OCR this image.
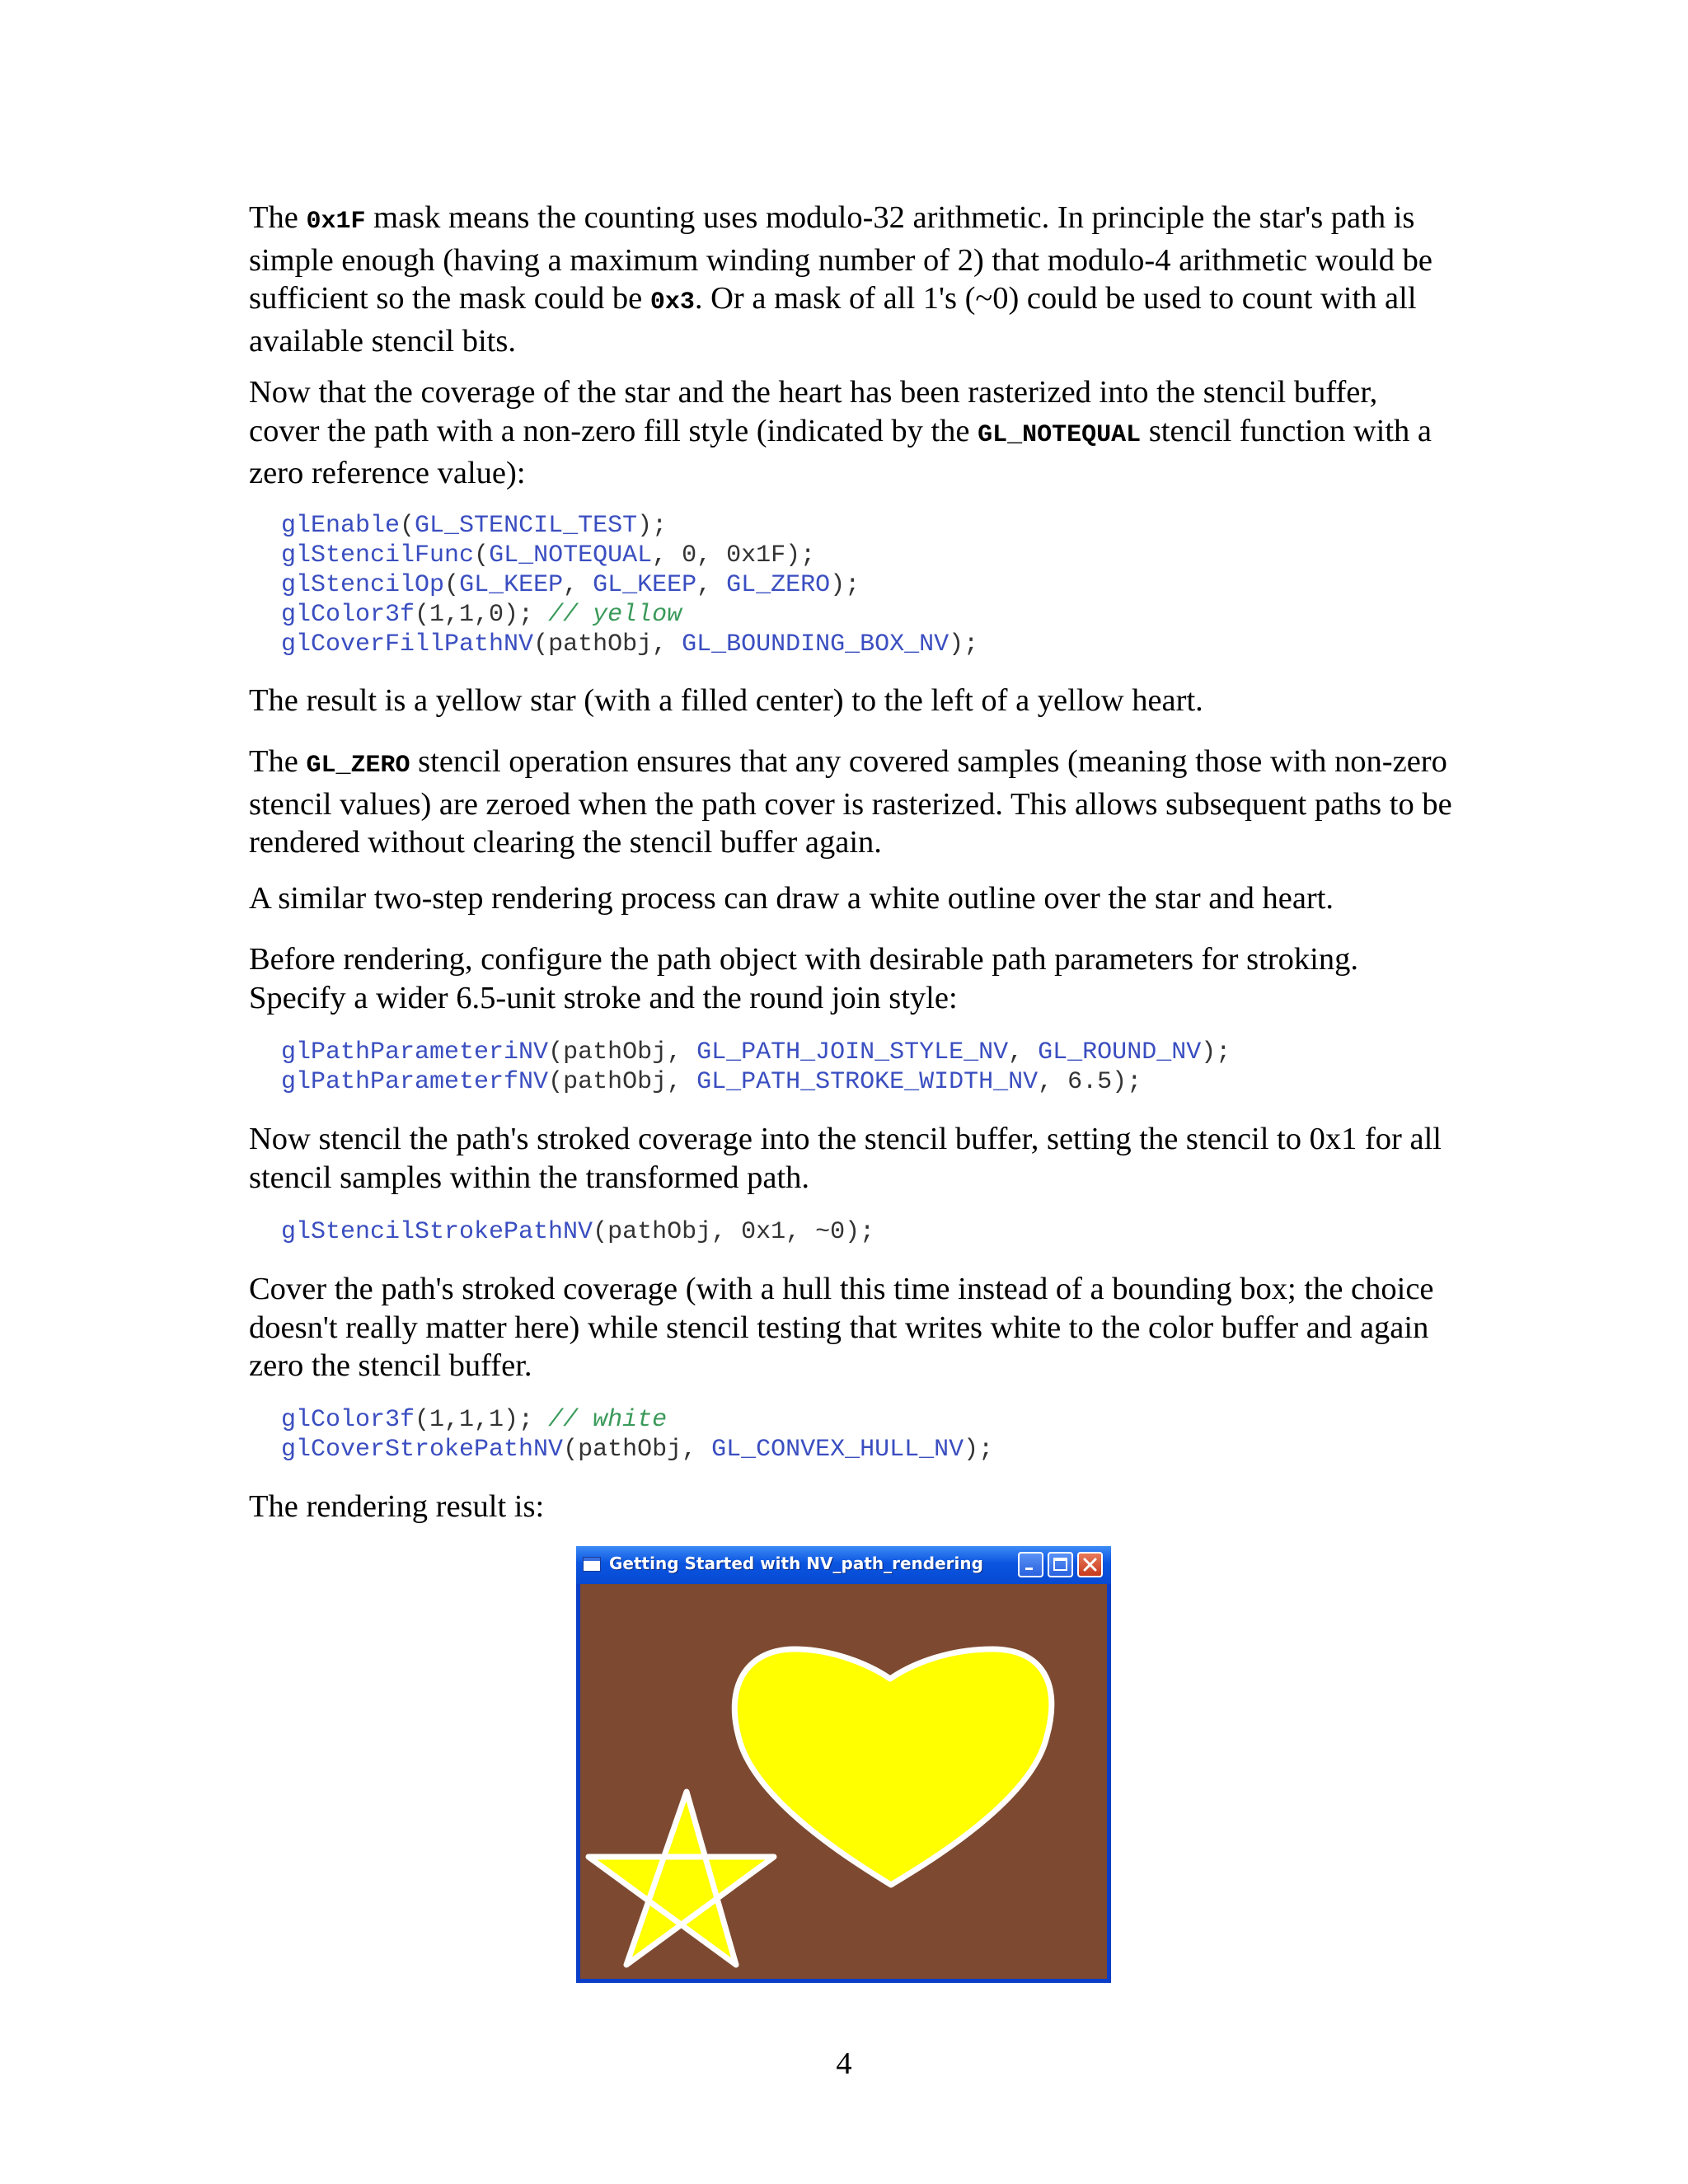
The 0x1F mask means the counting uses modulo-32 arithmetic. In principle the star's path is simple enough (having a maximum winding number of 2) that modulo-4 arithmetic would be sufficient so the mask could be 0x3. Or a mask of all 1's (~0) could be used to count with all available stencil bits.

Now that the coverage of the star and the heart has been rasterized into the stencil buffer, cover the path with a non-zero fill style (indicated by the GL_NOTEQUAL stencil function with a zero reference value):

glEnable(GL_STENCIL_TEST);
glStencilFunc(GL_NOTEQUAL, 0, 0x1F);
glStencilOp(GL_KEEP, GL_KEEP, GL_ZERO);
glColor3f(1,1,0); // yellow
glCoverFillPathNV(pathObj, GL_BOUNDING_BOX_NV);

The result is a yellow star (with a filled center) to the left of a yellow heart.

The GL_ZERO stencil operation ensures that any covered samples (meaning those with non-zero stencil values) are zeroed when the path cover is rasterized. This allows subsequent paths to be rendered without clearing the stencil buffer again.

A similar two-step rendering process can draw a white outline over the star and heart.

Before rendering, configure the path object with desirable path parameters for stroking. Specify a wider 6.5-unit stroke and the round join style:

glPathParameteriNV(pathObj, GL_PATH_JOIN_STYLE_NV, GL_ROUND_NV);
glPathParameterfNV(pathObj, GL_PATH_STROKE_WIDTH_NV, 6.5);

Now stencil the path's stroked coverage into the stencil buffer, setting the stencil to 0x1 for all stencil samples within the transformed path.

glStencilStrokePathNV(pathObj, 0x1, ~0);

Cover the path's stroked coverage (with a hull this time instead of a bounding box; the choice doesn't really matter here) while stencil testing that writes white to the color buffer and again zero the stencil buffer.

glColor3f(1,1,1); // white
glCoverStrokePathNV(pathObj, GL_CONVEX_HULL_NV);

The rendering result is:

Getting Started with NV_path_rendering
4
